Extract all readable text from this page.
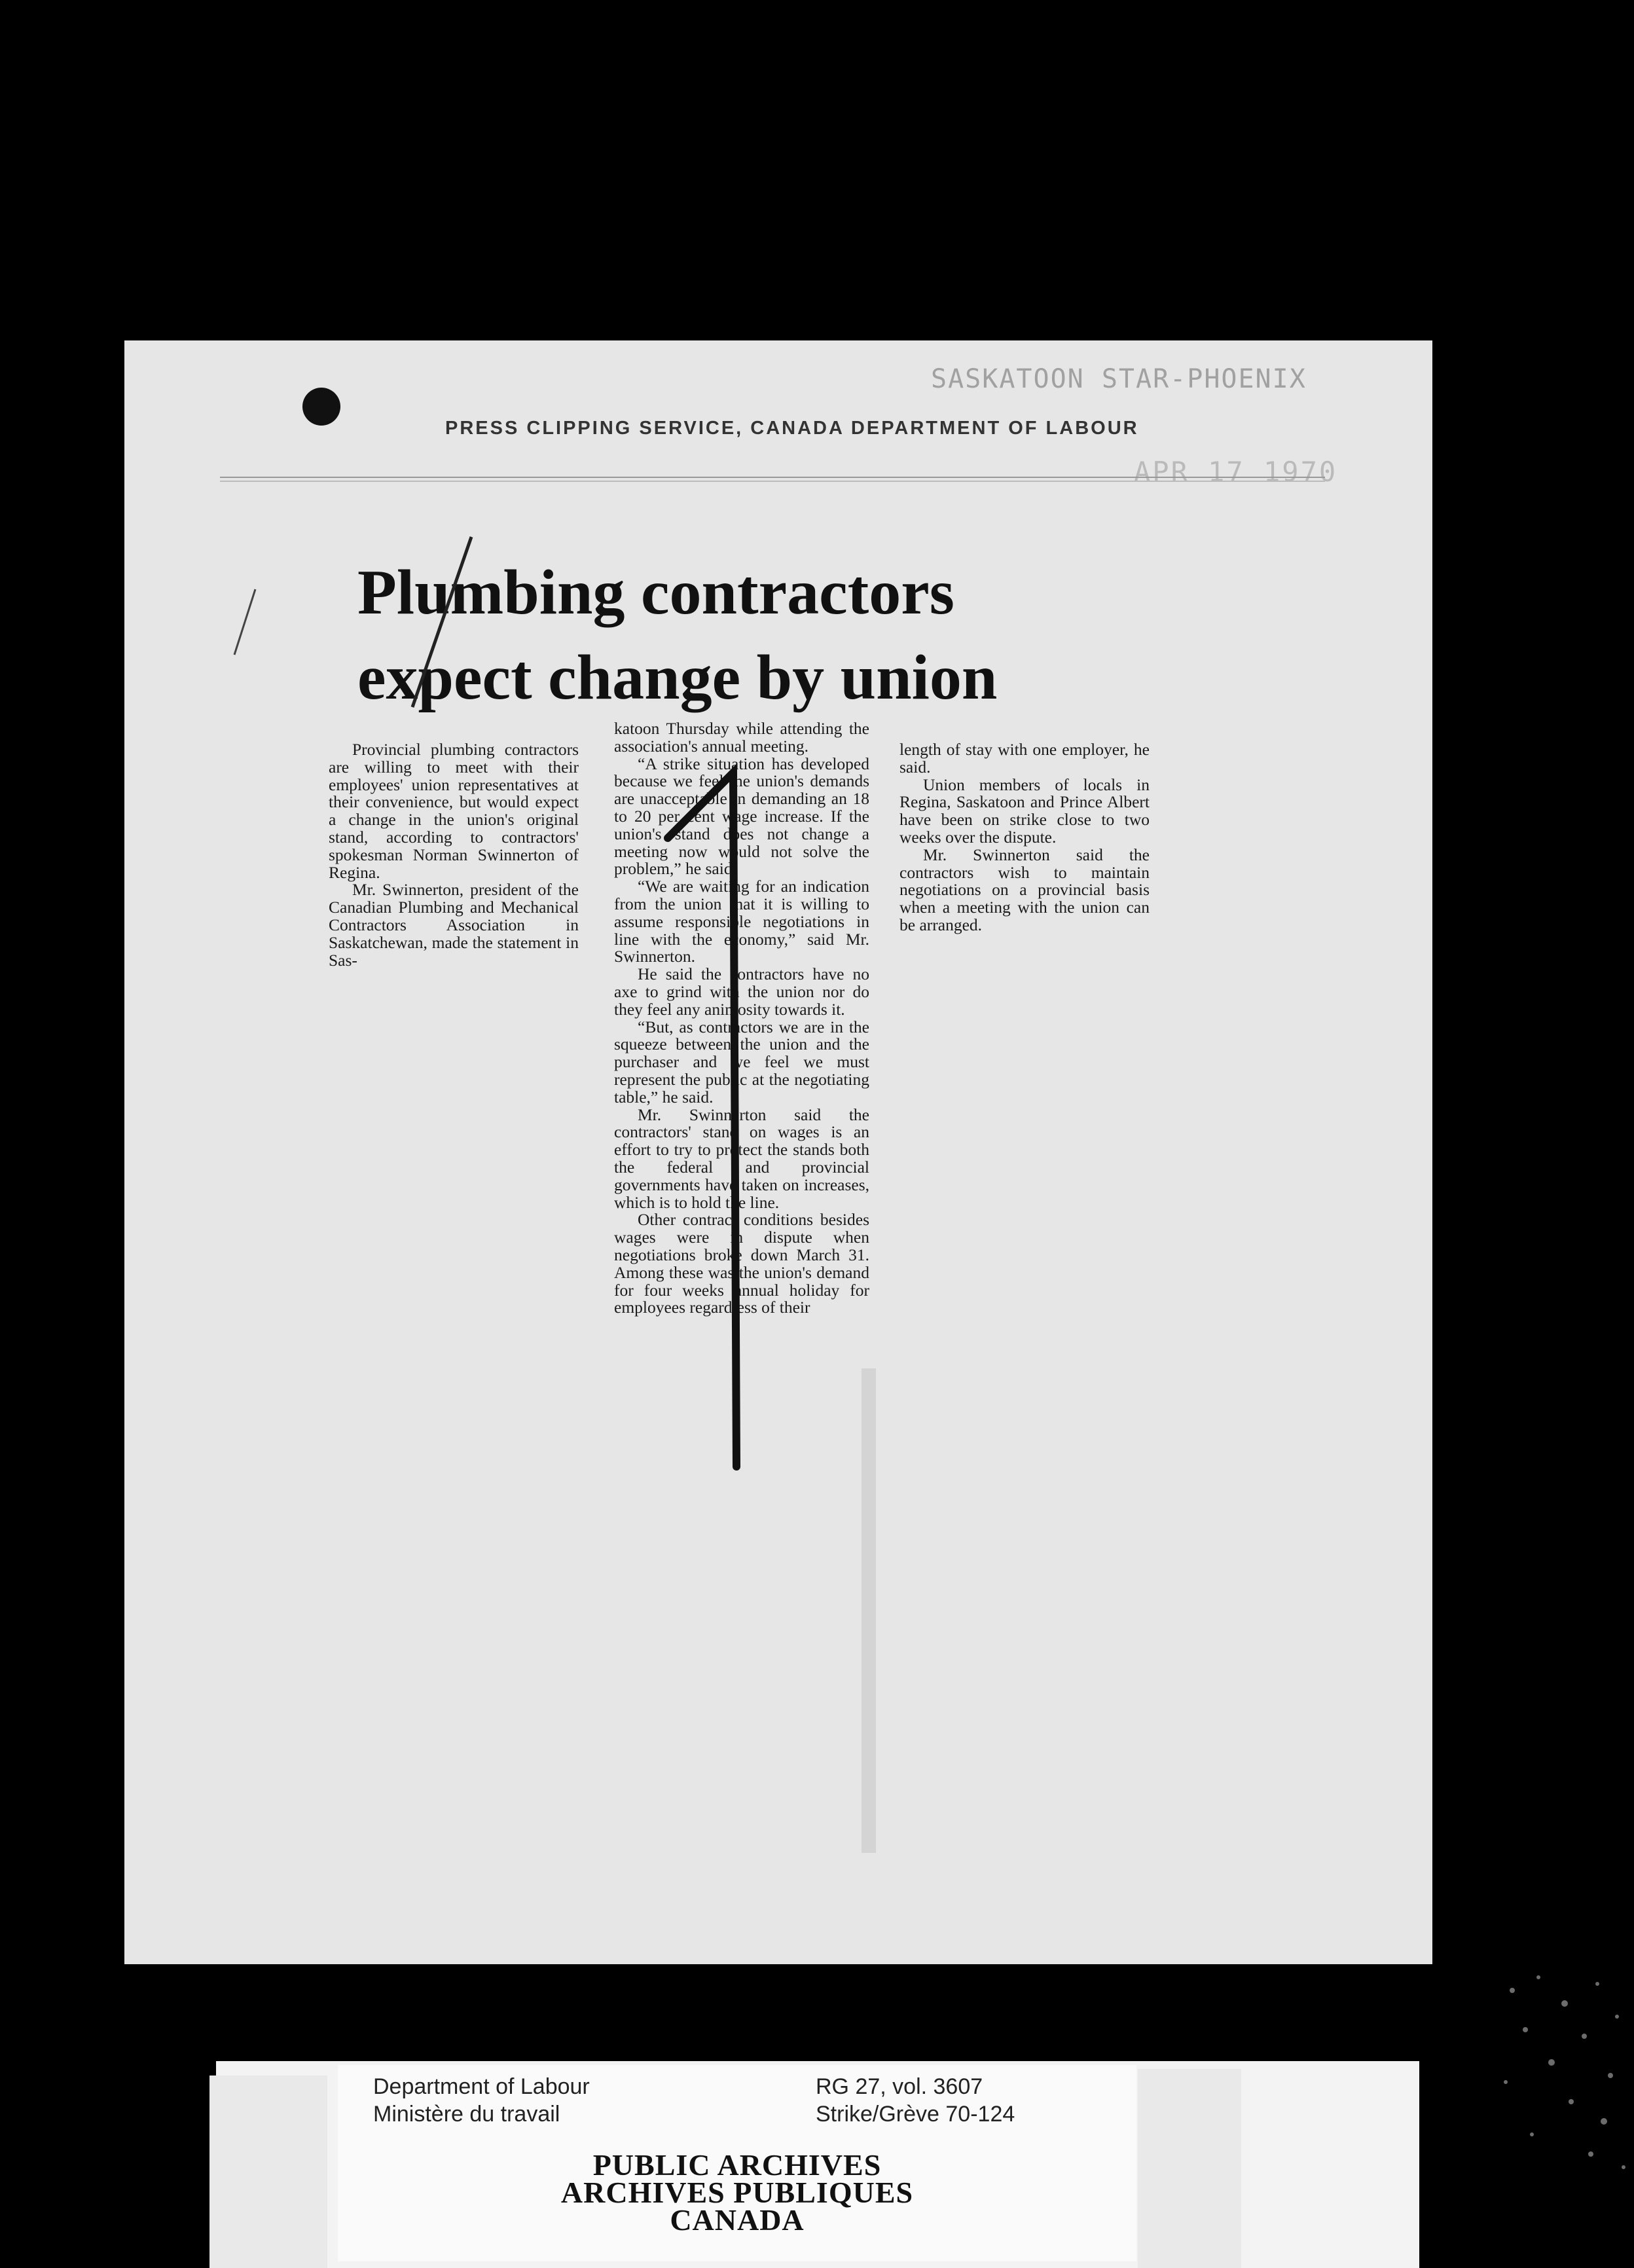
SASKATOON STAR-PHOENIX
PRESS CLIPPING SERVICE, CANADA DEPARTMENT OF LABOUR
APR 17 1970
Plumbing contractors
expect change by union

Provincial plumbing contractors are willing to meet with their employees' union representatives at their convenience, but would expect a change in the union's original stand, according to contractors' spokesman Norman Swinnerton of Regina.

Mr. Swinnerton, president of the Canadian Plumbing and Mechanical Contractors Association in Saskatchewan, made the statement in Sas-

katoon Thursday while attending the association's annual meeting.

“A strike situation has developed because we feel the union's demands are unacceptable in demanding an 18 to 20 per cent wage increase. If the union's stand does not change a meeting now would not solve the problem,” he said.

“We are waiting for an indication from the union that it is willing to assume responsible negotiations in line with the economy,” said Mr. Swinnerton.

He said the contractors have no axe to grind with the union nor do they feel any animosity towards it.

“But, as contractors we are in the squeeze between the union and the purchaser and we feel we must represent the public at the negotiating table,” he said.

Mr. Swinnerton said the contractors' stand on wages is an effort to try to protect the stands both the federal and provincial governments have taken on increases, which is to hold the line.

Other contract conditions besides wages were in dispute when negotiations broke down March 31. Among these was the union's demand for four weeks annual holiday for employees regardless of their

length of stay with one employer, he said.

Union members of locals in Regina, Saskatoon and Prince Albert have been on strike close to two weeks over the dispute.

Mr. Swinnerton said the contractors wish to maintain negotiations on a provincial basis when a meeting with the union can be arranged.

Department of Labour
Ministère du travail
RG 27, vol. 3607
Strike/Grève 70-124
PUBLIC ARCHIVES
ARCHIVES PUBLIQUES
CANADA
